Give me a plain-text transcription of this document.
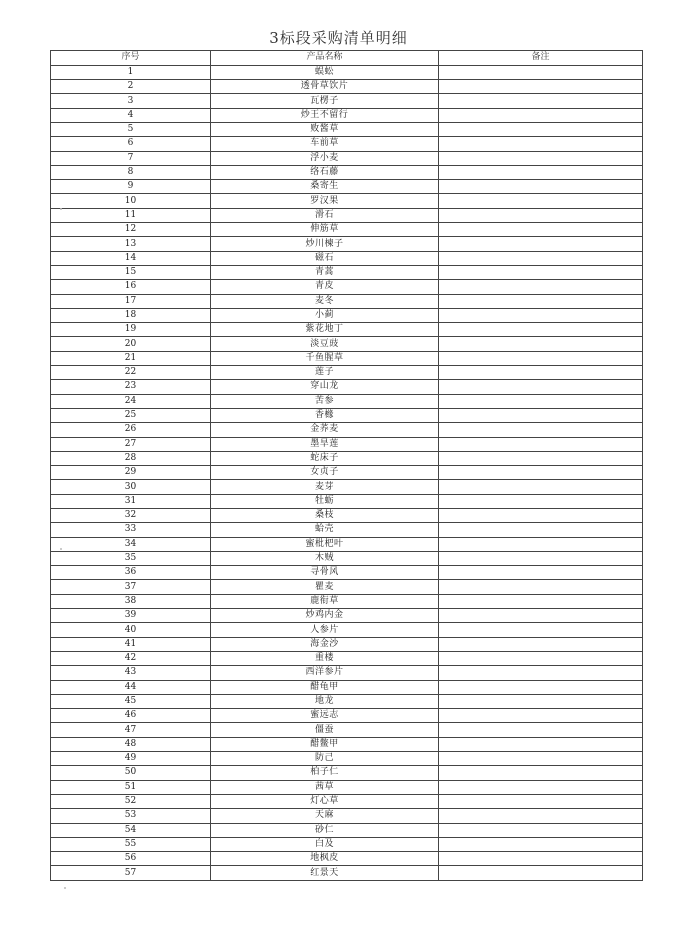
3标段采购清单明细
序号	产品名称	备注
1	蜈蚣	
2	透骨草饮片	
3	瓦楞子	
4	炒王不留行	
5	败酱草	
6	车前草	
7	浮小麦	
8	络石藤	
9	桑寄生	
10	罗汉果	
11	滑石	
12	伸筋草	
13	炒川楝子	
14	磁石	
15	青蒿	
16	青皮	
17	麦冬	
18	小蓟	
19	紫花地丁	
20	淡豆豉	
21	千鱼腥草	
22	莲子	
23	穿山龙	
24	苦参	
25	香橼	
26	金荞麦	
27	墨旱莲	
28	蛇床子	
29	女贞子	
30	麦芽	
31	牡蛎	
32	桑枝	
33	蛤壳	
34	蜜枇杷叶	
35	木贼	
36	寻骨风	
37	瞿麦	
38	鹿衔草	
39	炒鸡内金	
40	人参片	
41	海金沙	
42	重楼	
43	西洋参片	
44	醋龟甲	
45	地龙	
46	蜜远志	
47	僵蚕	
48	醋鳖甲	
49	防己	
50	柏子仁	
51	茜草	
52	灯心草	
53	天麻	
54	砂仁	
55	白及	
56	地枫皮	
57	红景天	
